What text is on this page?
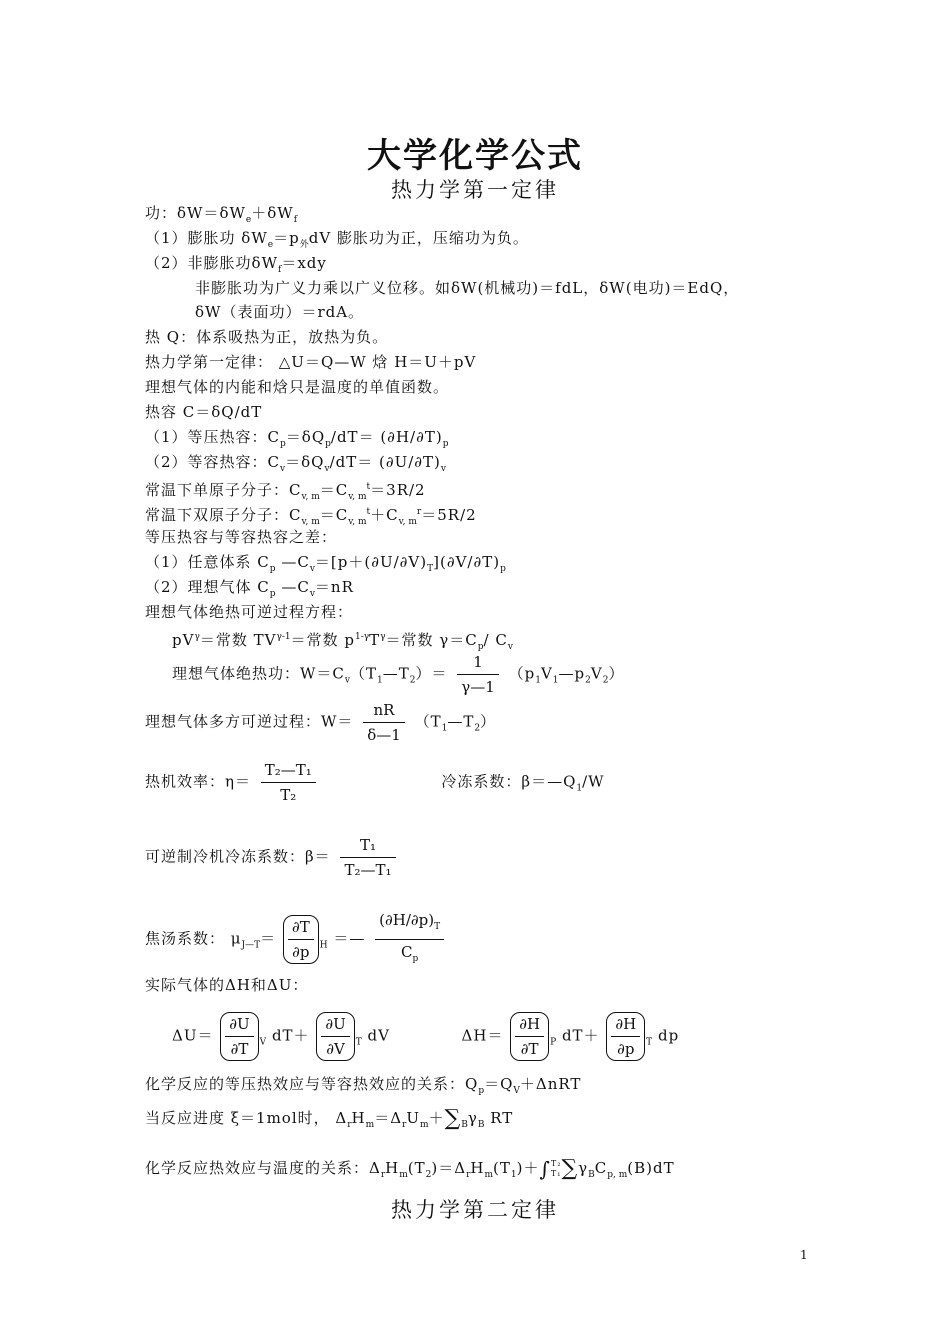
大学化学公式
热力学第一定律
功：$\delta W=\delta W_e+\delta W_f$
（1）膨胀功 $\delta W_e=p_外dV$ 膨胀功为正，压缩功为负。
（2）非膨胀功$\delta W_f=xdy$
非膨胀功为广义力乘以广义位移。如δW(机械功)＝fdL，δW(电功)＝EdQ，
δW（表面功）＝rdA。
热 Q：体系吸热为正，放热为负。
热力学第一定律： △U＝Q—W 焓 H＝U＋pV
理想气体的内能和焓只是温度的单值函数。
热容 C＝δQ/dT
（1）等压热容：$C_p=\delta Q_p/dT= (\partial H/\partial T)_p$
（2）等容热容：$C_v=\delta Q_v/dT= (\partial U/\partial T)_v$
常温下单原子分子：$C_{v, m}=C_{v, m}^t=3R/2$
常温下双原子分子：$C_{v, m}=C_{v, m}^t+C_{v, m}^r=5R/2$
等压热容与等容热容之差：
（1）任意体系 $C_p$ $—C_v=[p+(\partial U/\partial V)_T](\partial V/\partial T)_p$
（2）理想气体 $C_p$ $—C_v=nR$
理想气体绝热可逆过程方程：
$pV^\gamma=$常数 $TV^{\gamma-1}=$常数 $p^{1-\gamma}T^\gamma=$常数 $\gamma=C_p/$ $C_v$
理想气体绝热功：$W=C_v(T_1—T_2)= \frac{1}{\gamma—1}$ $(p_1V_1—p_2V_2)$
理想气体多方可逆过程：$W= \frac{nR}{\delta—1}$ $(T_1—T_2)$
热机效率：$\eta= \frac{\text{T₂—T₁}}{\text{T₂}}$	冷冻系数：$\beta=—Q_1/W$
可逆制冷机冷冻系数：$\beta= \frac{\text{T₁}}{\text{T₂—T₁}}$
焦汤系数： $\mu_{J—T}= \frac{\partial T}{\partial p} _H$ ＝— $\frac{(\partial H/\partial p)_T}{C_p}$
实际气体的ΔH和ΔU：
$\Delta U= \frac{\partial U}{\partial T} _V$ $dT+ \frac{\partial U}{\partial V} _T$ dV	$\Delta H= \frac{\partial H}{\partial T} _P$ $dT+ \frac{\partial H}{\partial p} _T$ dp
化学反应的等压热效应与等容热效应的关系：$Q_p=Q_V+\Delta nRT$
当反应进度 ξ＝1mol时， $\Delta_rH_m=\Delta_rU_m+\sum_B\gamma_B$ RT
化学反应热效应与温度的关系：$\Delta_rH_m(T_2)=\Delta_rH_m(T_1)+\int$ T₂
T₁ $\sum\gamma_BC_{p, m}(B)dT$
热力学第二定律
1
